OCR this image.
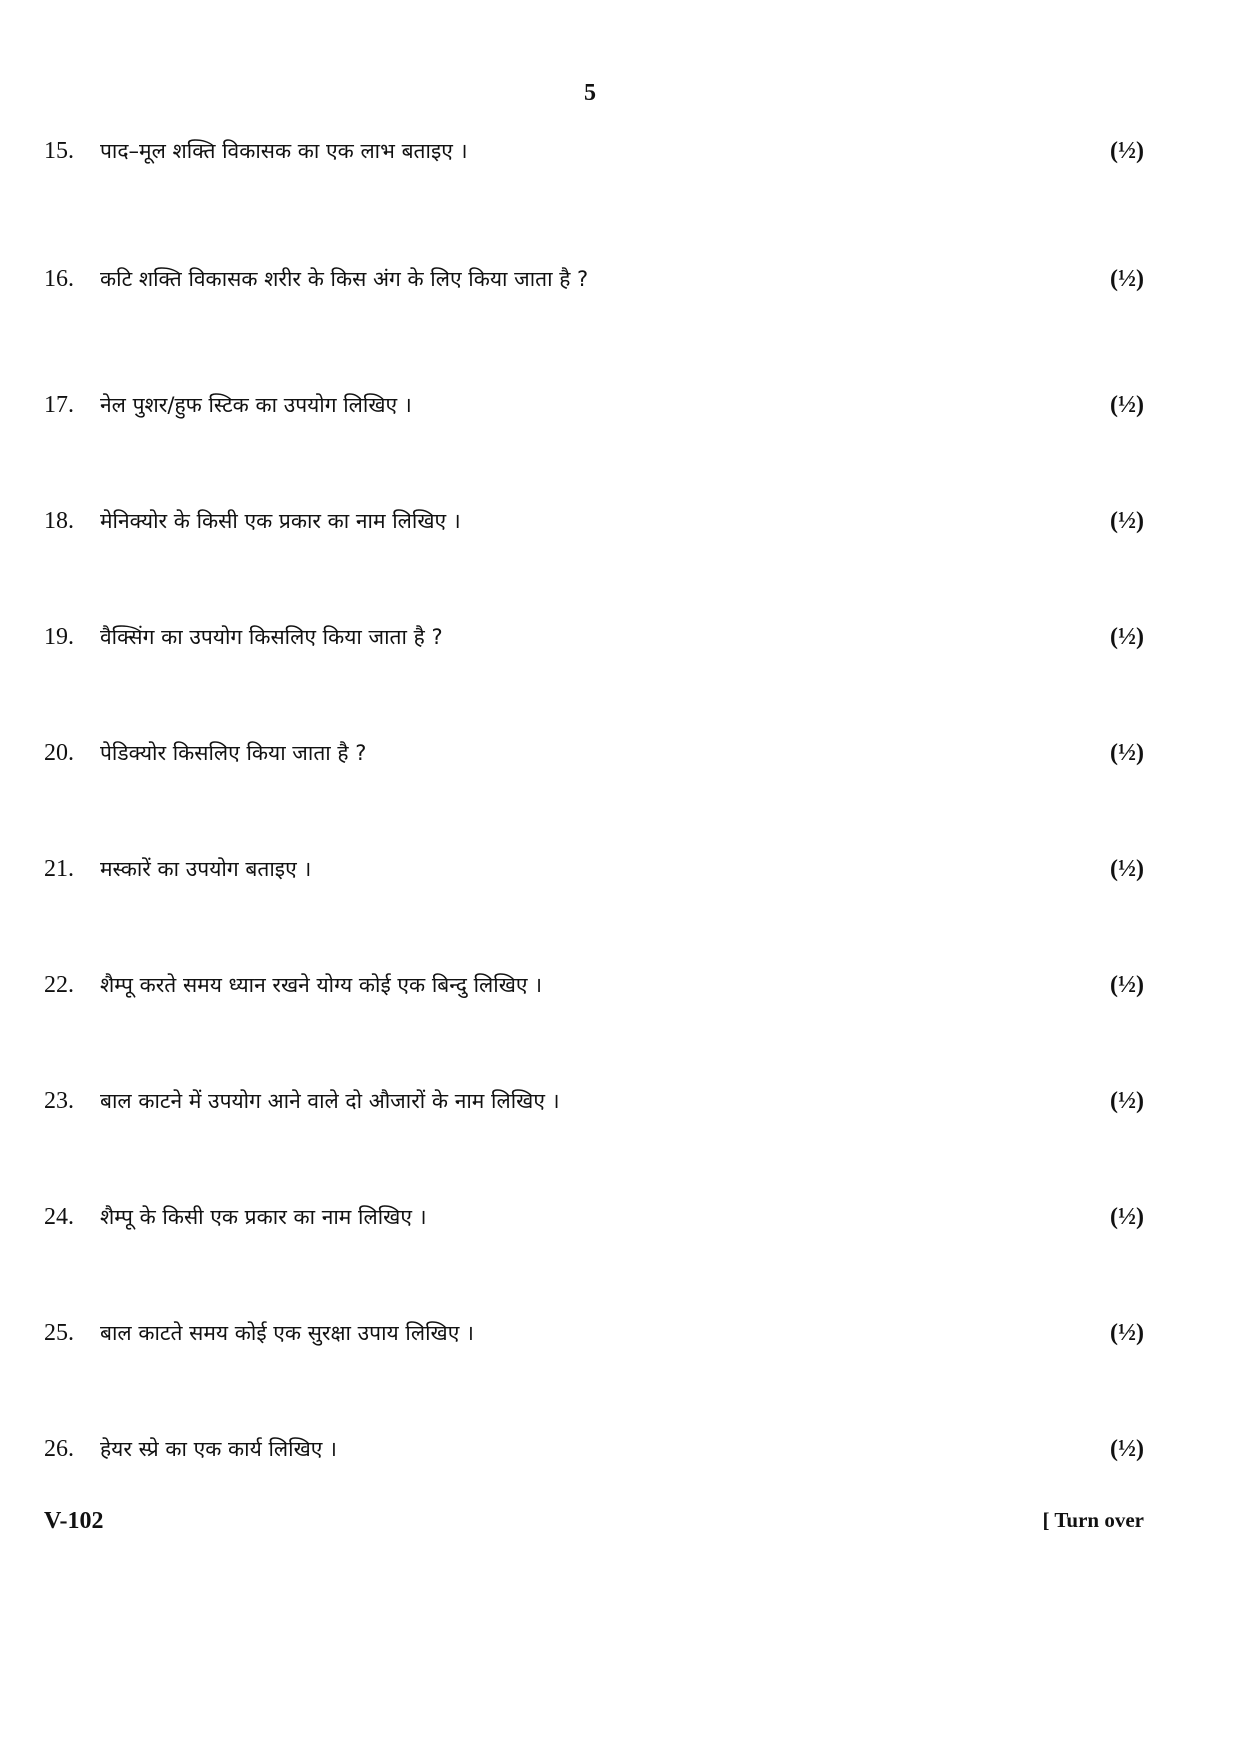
5
15.	पाद–मूल शक्ति विकासक का एक लाभ बताइए ।	(½)
16.	कटि शक्ति विकासक शरीर के किस अंग के लिए किया जाता है ?	(½)
17.	नेल पुशर/हुफ स्टिक का उपयोग लिखिए ।	(½)
18.	मेनिक्योर के किसी एक प्रकार का नाम लिखिए ।	(½)
19.	वैक्सिंग का उपयोग किसलिए किया जाता है ?	(½)
20.	पेडिक्योर किसलिए किया जाता है ?	(½)
21.	मस्कारें का उपयोग बताइए ।	(½)
22.	शैम्पू करते समय ध्यान रखने योग्य कोई एक बिन्दु लिखिए ।	(½)
23.	बाल काटने में उपयोग आने वाले दो औजारों के नाम लिखिए ।	(½)
24.	शैम्पू के किसी एक प्रकार का नाम लिखिए ।	(½)
25.	बाल काटते समय कोई एक सुरक्षा उपाय लिखिए ।	(½)
26.	हेयर स्प्रे का एक कार्य लिखिए ।	(½)
V-102	[ Turn over
